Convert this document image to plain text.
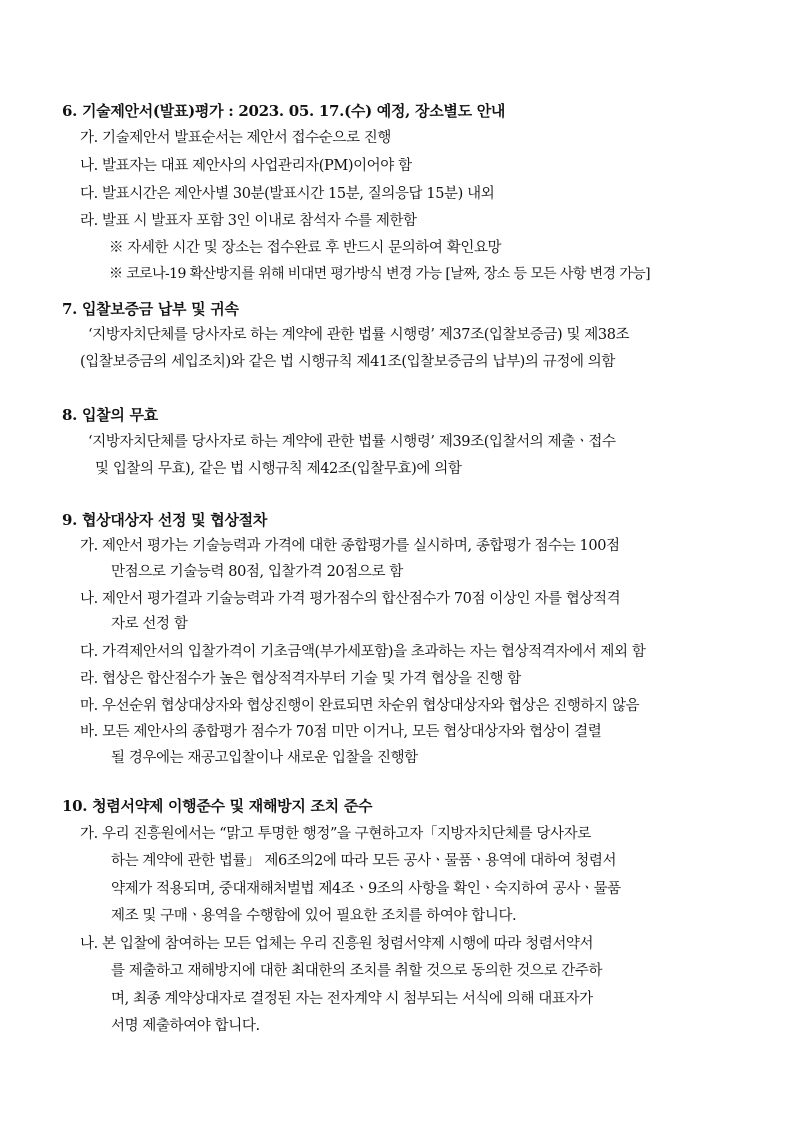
6. 기술제안서(발표)평가 : 2023. 05. 17.(수) 예정, 장소별도 안내
가. 기술제안서 발표순서는 제안서 접수순으로 진행
나. 발표자는 대표 제안사의 사업관리자(PM)이어야 함
다. 발표시간은 제안사별 30분(발표시간 15분, 질의응답 15분) 내외
라. 발표 시 발표자 포함 3인 이내로 참석자 수를 제한함
※ 자세한 시간 및 장소는 접수완료 후 반드시 문의하여 확인요망
※ 코로나-19 확산방지를 위해 비대면 평가방식 변경 가능 [날짜, 장소 등 모든 사항 변경 가능]
7. 입찰보증금 납부 및 귀속
‘지방자치단체를 당사자로 하는 계약에 관한 법률 시행령’ 제37조(입찰보증금) 및 제38조
(입찰보증금의 세입조치)와 같은 법 시행규칙 제41조(입찰보증금의 납부)의 규정에 의함
8. 입찰의 무효
‘지방자치단체를 당사자로 하는 계약에 관한 법률 시행령’ 제39조(입찰서의 제출ㆍ접수
및 입찰의 무효), 같은 법 시행규칙 제42조(입찰무효)에 의함
9. 협상대상자 선정 및 협상절차
가. 제안서 평가는 기술능력과 가격에 대한 종합평가를 실시하며, 종합평가 점수는 100점
만점으로 기술능력 80점, 입찰가격 20점으로 함
나. 제안서 평가결과 기술능력과 가격 평가점수의 합산점수가 70점 이상인 자를 협상적격
자로 선정 함
다. 가격제안서의 입찰가격이 기초금액(부가세포함)을 초과하는 자는 협상적격자에서 제외 함
라. 협상은 합산점수가 높은 협상적격자부터 기술 및 가격 협상을 진행 함
마. 우선순위 협상대상자와 협상진행이 완료되면 차순위 협상대상자와 협상은 진행하지 않음
바. 모든 제안사의 종합평가 점수가 70점 미만 이거나, 모든 협상대상자와 협상이 결렬
될 경우에는 재공고입찰이나 새로운 입찰을 진행함
10. 청렴서약제 이행준수 및 재해방지 조치 준수
가. 우리 진흥원에서는 “맑고 투명한 행정”을 구현하고자「지방자치단체를 당사자로
하는 계약에 관한 법률」 제6조의2에 따라 모든 공사ㆍ물품ㆍ용역에 대하여 청렴서
약제가 적용되며, 중대재해처벌법 제4조ㆍ9조의 사항을 확인ㆍ숙지하여 공사ㆍ물품
제조 및 구매ㆍ용역을 수행함에 있어 필요한 조치를 하여야 합니다.
나. 본 입찰에 참여하는 모든 업체는 우리 진흥원 청렴서약제 시행에 따라 청렴서약서
를 제출하고 재해방지에 대한 최대한의 조치를 취할 것으로 동의한 것으로 간주하
며, 최종 계약상대자로 결정된 자는 전자계약 시 첨부되는 서식에 의해 대표자가
서명 제출하여야 합니다.
